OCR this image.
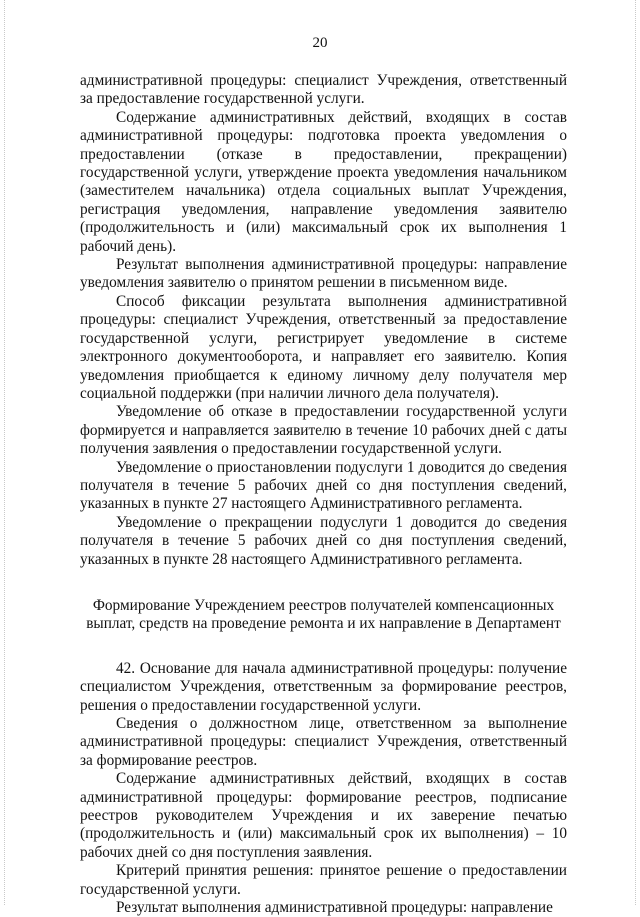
20

административной процедуры: специалист Учреждения, ответственный за предоставление государственной услуги.

Содержание административных действий, входящих в состав административной процедуры: подготовка проекта уведомления о предоставлении (отказе в предоставлении, прекращении) государственной услуги, утверждение проекта уведомления начальником (заместителем начальника) отдела социальных выплат Учреждения, регистрация уведомления, направление уведомления заявителю (продолжительность и (или) максимальный срок их выполнения 1 рабочий день).

Результат выполнения административной процедуры: направление уведомления заявителю о принятом решении в письменном виде.

Способ фиксации результата выполнения административной процедуры: специалист Учреждения, ответственный за предоставление государственной услуги, регистрирует уведомление в системе электронного документооборота, и направляет его заявителю. Копия уведомления приобщается к единому личному делу получателя мер социальной поддержки (при наличии личного дела получателя).

Уведомление об отказе в предоставлении государственной услуги формируется и направляется заявителю в течение 10 рабочих дней с даты получения заявления о предоставлении государственной услуги.

Уведомление о приостановлении подуслуги 1 доводится до сведения получателя в течение 5 рабочих дней со дня поступления сведений, указанных в пункте 27 настоящего Административного регламента.

Уведомление о прекращении подуслуги 1 доводится до сведения получателя в течение 5 рабочих дней со дня поступления сведений, указанных в пункте 28 настоящего Административного регламента.

Формирование Учреждением реестров получателей компенсационных
выплат, средств на проведение ремонта и их направление в Департамент

42. Основание для начала административной процедуры: получение специалистом Учреждения, ответственным за формирование реестров, решения о предоставлении государственной услуги.

Сведения о должностном лице, ответственном за выполнение административной процедуры: специалист Учреждения, ответственный за формирование реестров.

Содержание административных действий, входящих в состав административной процедуры: формирование реестров, подписание реестров руководителем Учреждения и их заверение печатью (продолжительность и (или) максимальный срок их выполнения) – 10 рабочих дней со дня поступления заявления.

Критерий принятия решения: принятое решение о предоставлении государственной услуги.

Результат выполнения административной процедуры: направление
